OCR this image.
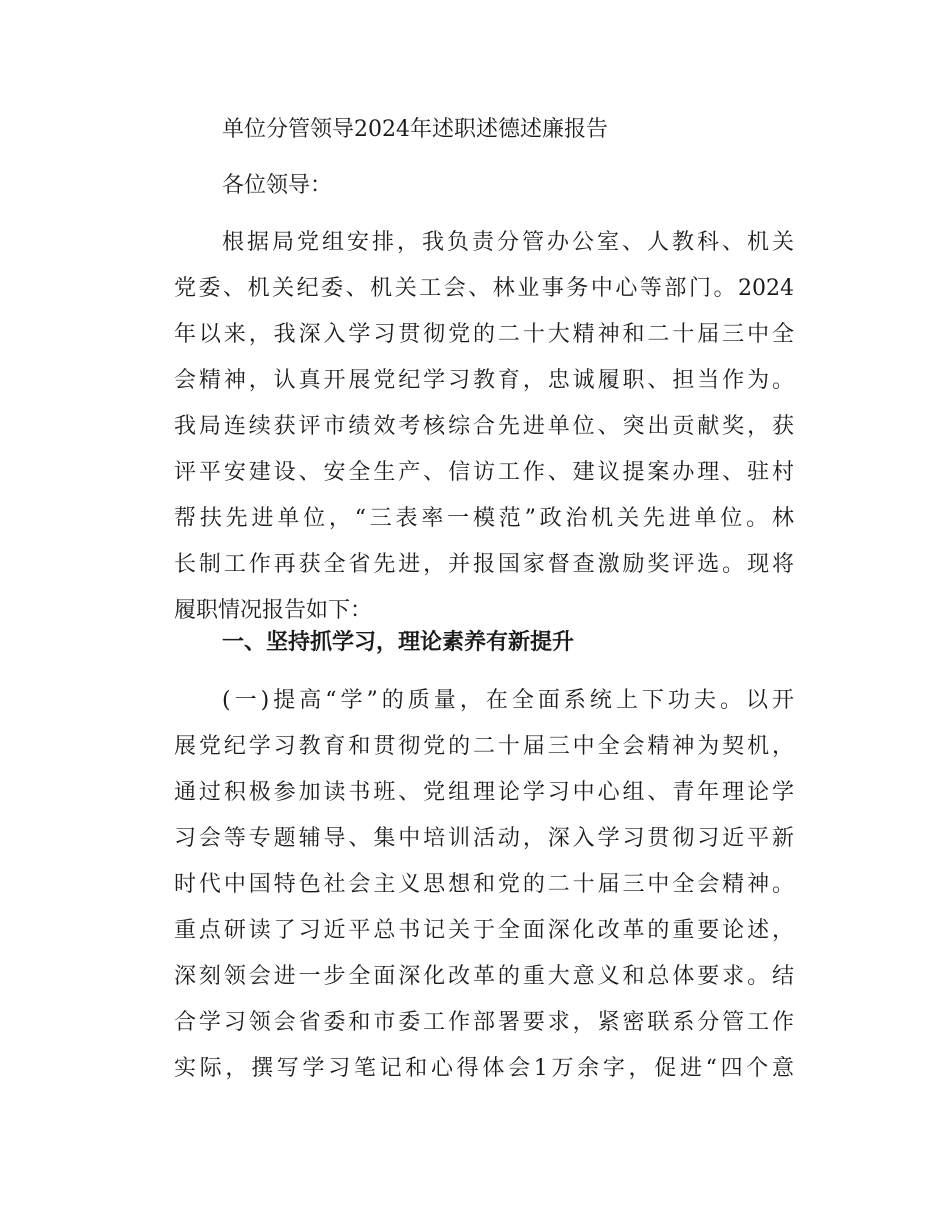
单位分管领导2024年述职述德述廉报告
各位领导：
根据局党组安排，我负责分管办公室、人教科、机关
党委、机关纪委、机关工会、林业事务中心等部门。2024
年以来，我深入学习贯彻党的二十大精神和二十届三中全
会精神，认真开展党纪学习教育，忠诚履职、担当作为。
我局连续获评市绩效考核综合先进单位、突出贡献奖，获
评平安建设、安全生产、信访工作、建议提案办理、驻村
帮扶先进单位，“三表率一模范”政治机关先进单位。林
长制工作再获全省先进，并报国家督查激励奖评选。现将
履职情况报告如下：
一、坚持抓学习，理论素养有新提升
(一)提高“学”的质量，在全面系统上下功夫。以开
展党纪学习教育和贯彻党的二十届三中全会精神为契机，
通过积极参加读书班、党组理论学习中心组、青年理论学
习会等专题辅导、集中培训活动，深入学习贯彻习近平新
时代中国特色社会主义思想和党的二十届三中全会精神。
重点研读了习近平总书记关于全面深化改革的重要论述，
深刻领会进一步全面深化改革的重大意义和总体要求。结
合学习领会省委和市委工作部署要求，紧密联系分管工作
实际，撰写学习笔记和心得体会1万余字，促进“四个意
